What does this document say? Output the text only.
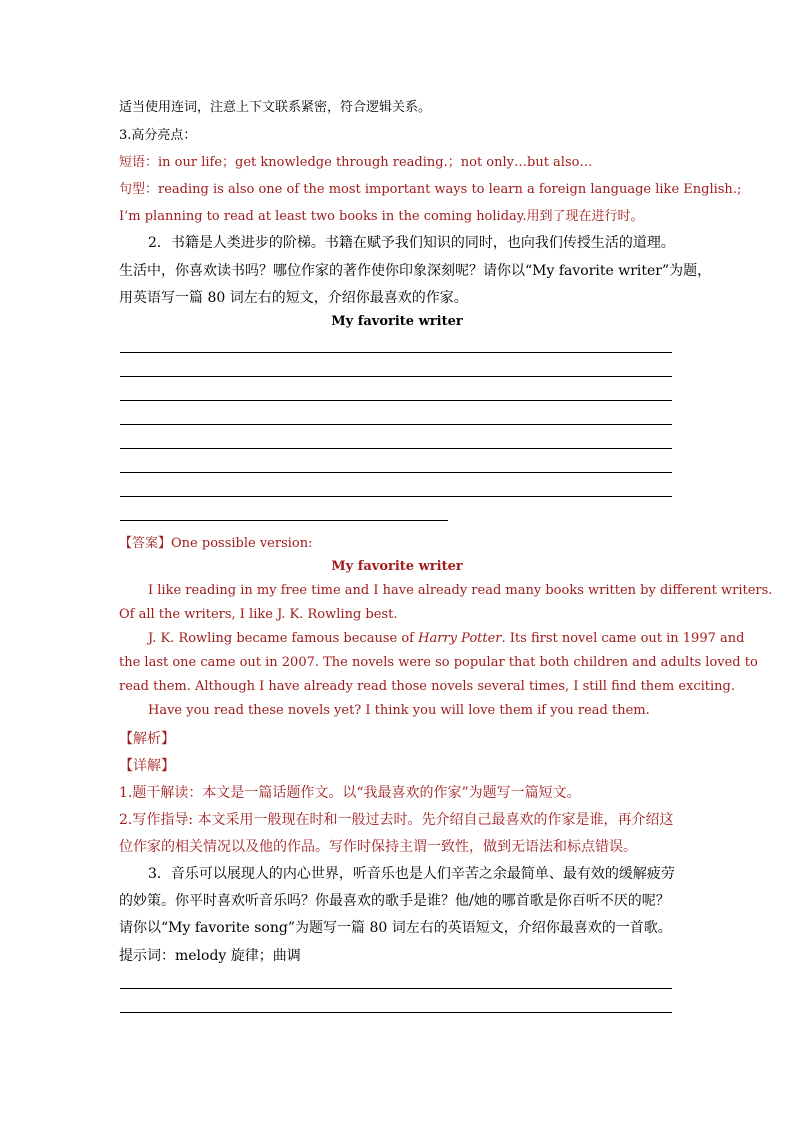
适当使用连词，注意上下文联系紧密，符合逻辑关系。
3.高分亮点：
短语：in our life；get knowledge through reading.；not only…but also…
句型：reading is also one of the most important ways to learn a foreign language like English.;
I’m planning to read at least two books in the coming holiday.用到了现在进行时。
2．书籍是人类进步的阶梯。书籍在赋予我们知识的同时，也向我们传授生活的道理。
生活中，你喜欢读书吗？哪位作家的著作使你印象深刻呢？请你以“My favorite writer”为题，
用英语写一篇 80 词左右的短文，介绍你最喜欢的作家。
My favorite writer
【答案】One possible version:
My favorite writer
I like reading in my free time and I have already read many books written by different writers.
Of all the writers, I like J. K. Rowling best.
J. K. Rowling became famous because of Harry Potter. Its first novel came out in 1997 and
the last one came out in 2007. The novels were so popular that both children and adults loved to
read them. Although I have already read those novels several times, I still find them exciting.
Have you read these novels yet? I think you will love them if you read them.
【解析】
【详解】
1.题干解读：本文是一篇话题作文。以“我最喜欢的作家”为题写一篇短文。
2.写作指导: 本文采用一般现在时和一般过去时。先介绍自己最喜欢的作家是谁，再介绍这
位作家的相关情况以及他的作品。写作时保持主谓一致性，做到无语法和标点错误。
3．音乐可以展现人的内心世界，听音乐也是人们辛苦之余最简单、最有效的缓解疲劳
的妙策。你平时喜欢听音乐吗？你最喜欢的歌手是谁？他/她的哪首歌是你百听不厌的呢？
请你以“My favorite song”为题写一篇 80 词左右的英语短文，介绍你最喜欢的一首歌。
提示词：melody 旋律；曲调
